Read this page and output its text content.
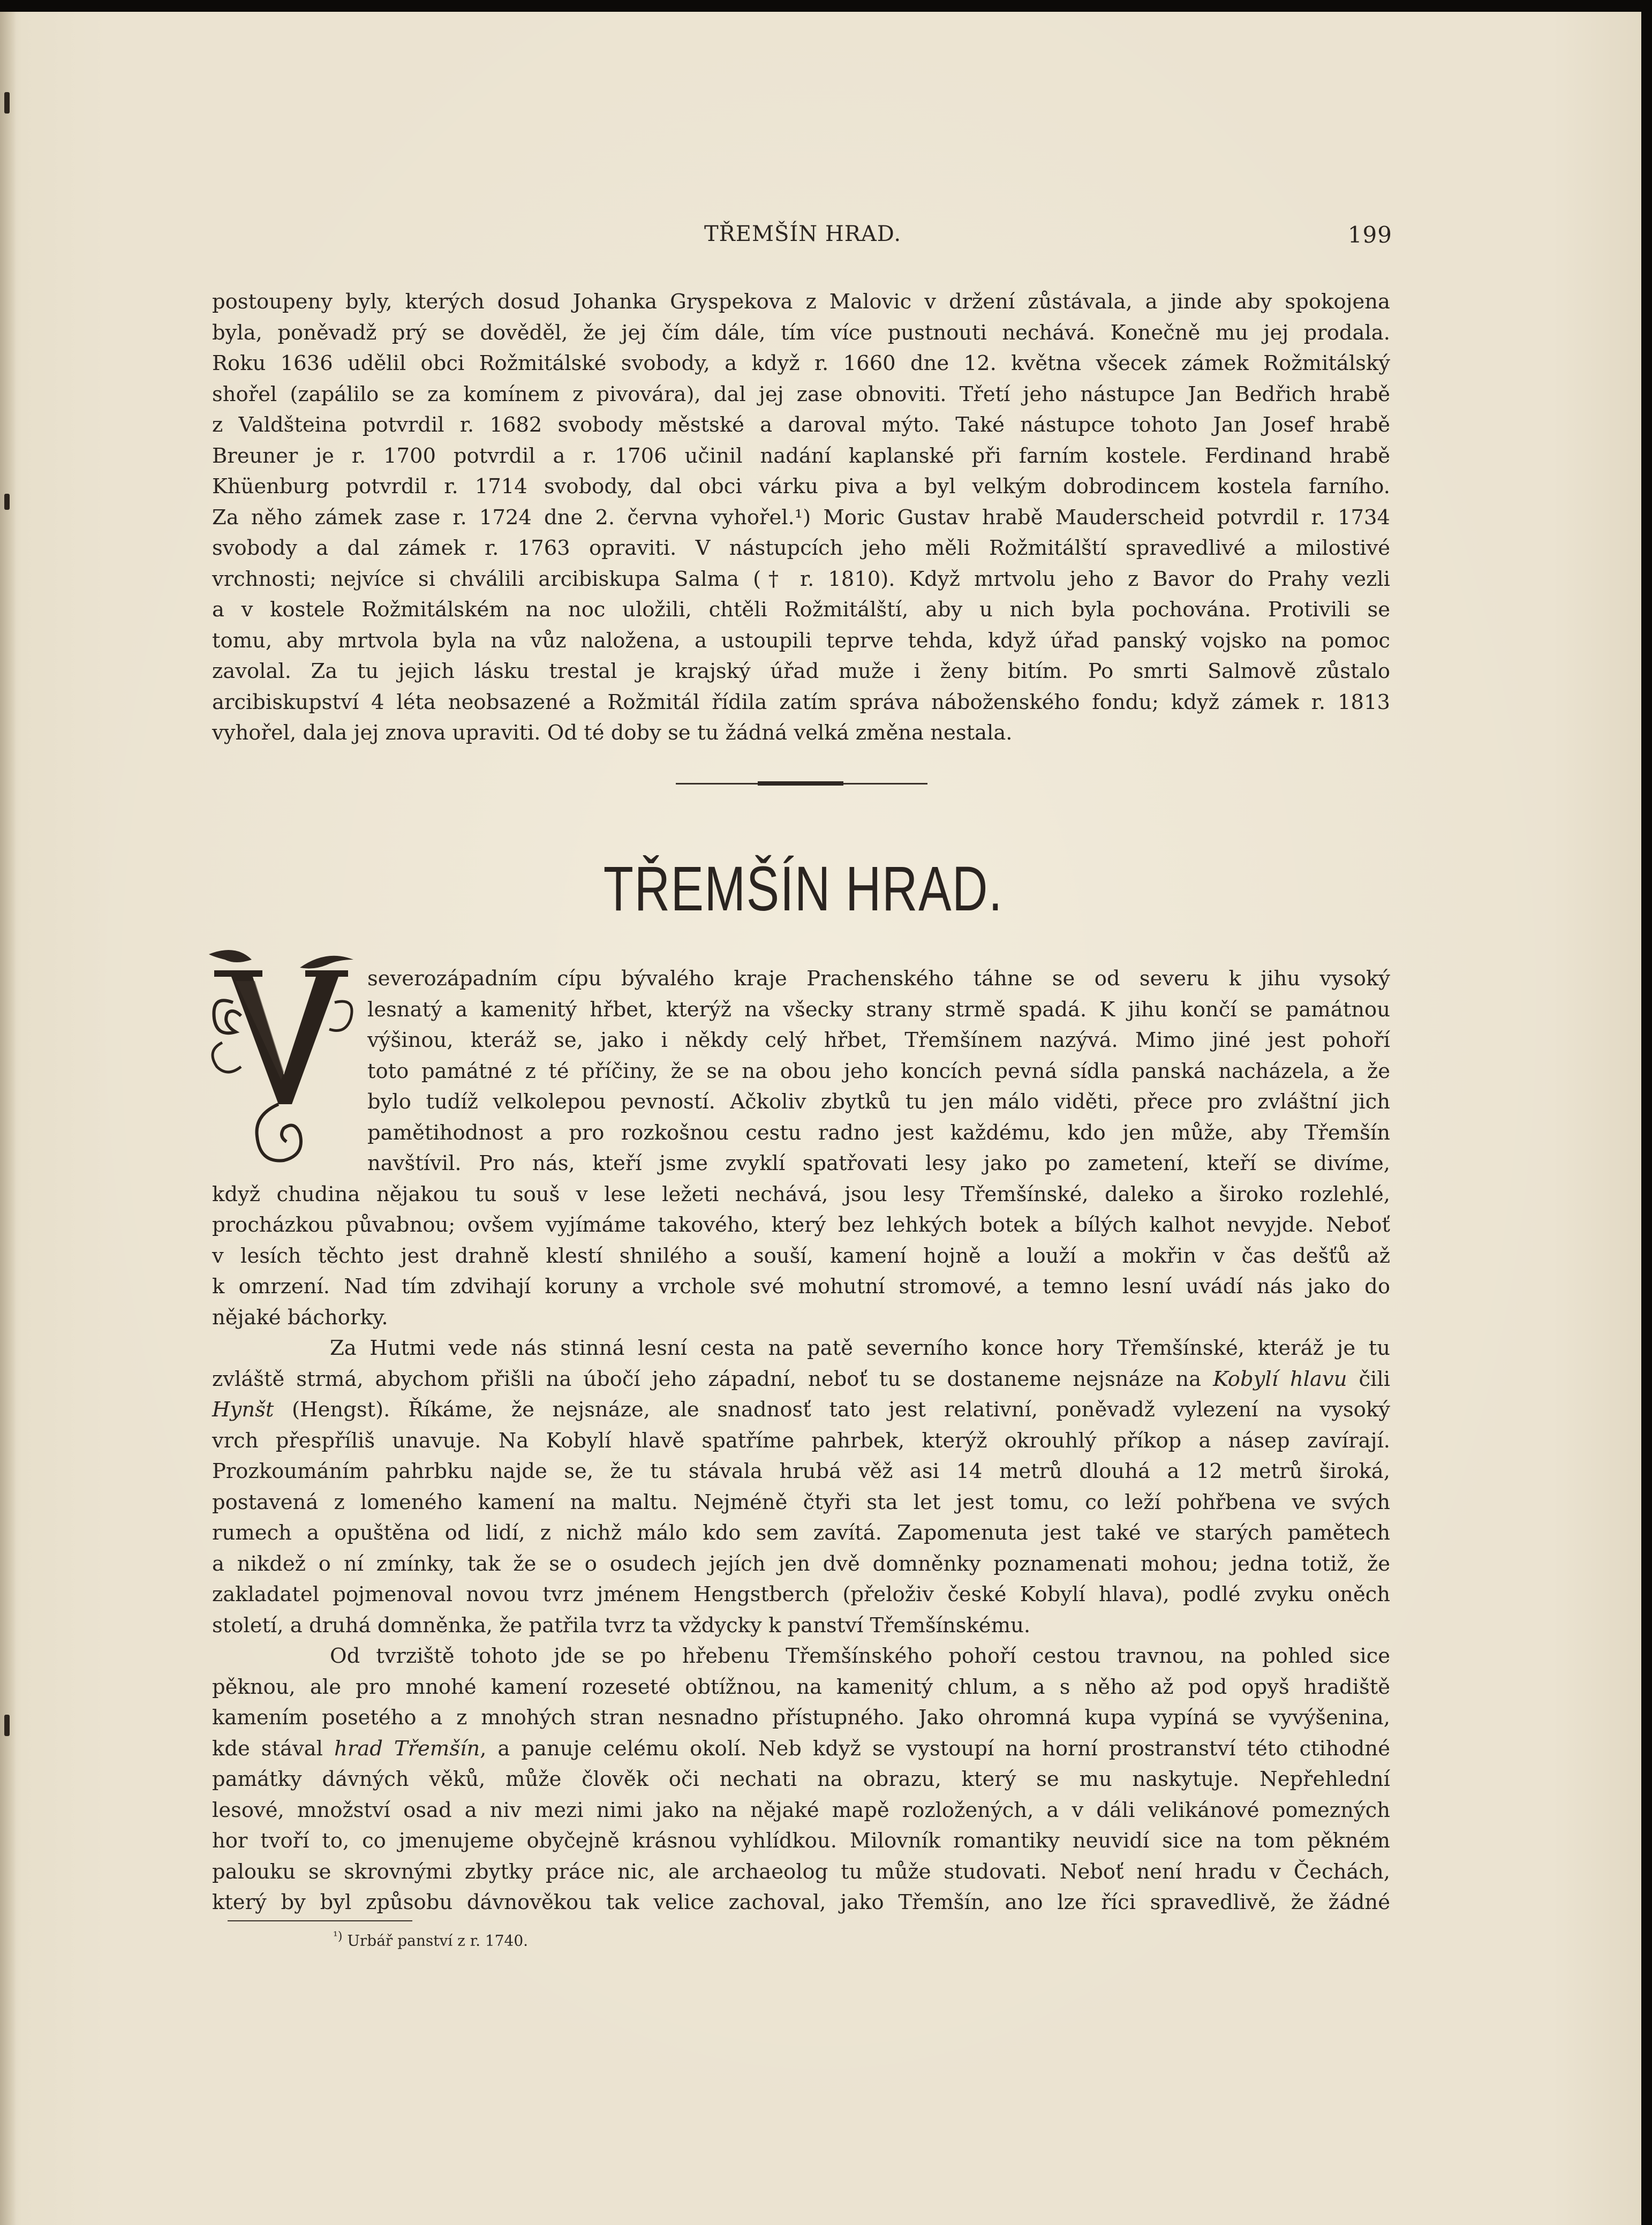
TŘEMŠÍN HRAD.	199
postoupeny byly, kterých dosud Johanka Gryspekova z Malovic v držení zůstávala, a jinde aby spokojena
byla, poněvadž prý se dověděl, že jej čím dále, tím více pustnouti nechává. Konečně mu jej prodala.
Roku 1636 udělil obci Rožmitálské svobody, a když r. 1660 dne 12. května všecek zámek Rožmitálský
shořel (zapálilo se za komínem z pivovára), dal jej zase obnoviti. Třetí jeho nástupce Jan Bedřich hrabě
z Valdšteina potvrdil r. 1682 svobody městské a daroval mýto. Také nástupce tohoto Jan Josef hrabě
Breuner je r. 1700 potvrdil a r. 1706 učinil nadání kaplanské při farním kostele. Ferdinand hrabě
Khüenburg potvrdil r. 1714 svobody, dal obci várku piva a byl velkým dobrodincem kostela farního.
Za něho zámek zase r. 1724 dne 2. června vyhořel.¹) Moric Gustav hrabě Mauderscheid potvrdil r. 1734
svobody a dal zámek r. 1763 opraviti. V nástupcích jeho měli Rožmitálští spravedlivé a milostivé
vrchnosti; nejvíce si chválili arcibiskupa Salma († r. 1810). Když mrtvolu jeho z Bavor do Prahy vezli
a v kostele Rožmitálském na noc uložili, chtěli Rožmitálští, aby u nich byla pochována. Protivili se
tomu, aby mrtvola byla na vůz naložena, a ustoupili teprve tehda, když úřad panský vojsko na pomoc
zavolal. Za tu jejich lásku trestal je krajský úřad muže i ženy bitím. Po smrti Salmově zůstalo
arcibiskupství 4 léta neobsazené a Rožmitál řídila zatím správa náboženského fondu; když zámek r. 1813
vyhořel, dala jej znova upraviti. Od té doby se tu žádná velká změna nestala.
TŘEMŠÍN HRAD.
V
severozápadním cípu bývalého kraje Prachenského táhne se od severu k jihu vysoký
lesnatý a kamenitý hřbet, kterýž na všecky strany strmě spadá. K jihu končí se památnou
výšinou, kteráž se, jako i někdy celý hřbet, Třemšínem nazývá. Mimo jiné jest pohoří
toto památné z té příčiny, že se na obou jeho koncích pevná sídla panská nacházela, a že
bylo tudíž velkolepou pevností. Ačkoliv zbytků tu jen málo viděti, přece pro zvláštní jich
pamětihodnost a pro rozkošnou cestu radno jest každému, kdo jen může, aby Třemšín
navštívil. Pro nás, kteří jsme zvyklí spatřovati lesy jako po zametení, kteří se divíme,
když chudina nějakou tu souš v lese ležeti nechává, jsou lesy Třemšínské, daleko a široko rozlehlé,
procházkou půvabnou; ovšem vyjímáme takového, který bez lehkých botek a bílých kalhot nevyjde. Neboť
v lesích těchto jest drahně klestí shnilého a souší, kamení hojně a louží a mokřin v čas dešťů až
k omrzení. Nad tím zdvihají koruny a vrchole své mohutní stromové, a temno lesní uvádí nás jako do
nějaké báchorky.
Za Hutmi vede nás stinná lesní cesta na patě severního konce hory Třemšínské, kteráž je tu
zvláště strmá, abychom přišli na úbočí jeho západní, neboť tu se dostaneme nejsnáze na Kobylí hlavu čili
Hynšt (Hengst). Říkáme, že nejsnáze, ale snadnosť tato jest relativní, poněvadž vylezení na vysoký
vrch přespříliš unavuje. Na Kobylí hlavě spatříme pahrbek, kterýž okrouhlý příkop a násep zavírají.
Prozkoumáním pahrbku najde se, že tu stávala hrubá věž asi 14 metrů dlouhá a 12 metrů široká,
postavená z lomeného kamení na maltu. Nejméně čtyři sta let jest tomu, co leží pohřbena ve svých
rumech a opuštěna od lidí, z nichž málo kdo sem zavítá. Zapomenuta jest také ve starých pamětech
a nikdež o ní zmínky, tak že se o osudech jejích jen dvě domněnky poznamenati mohou; jedna totiž, že
zakladatel pojmenoval novou tvrz jménem Hengstberch (přeloživ české Kobylí hlava), podlé zvyku oněch
století, a druhá domněnka, že patřila tvrz ta vždycky k panství Třemšínskému.
Od tvrziště tohoto jde se po hřebenu Třemšínského pohoří cestou travnou, na pohled sice
pěknou, ale pro mnohé kamení rozeseté obtížnou, na kamenitý chlum, a s něho až pod opyš hradiště
kamením posetého a z mnohých stran nesnadno přístupného. Jako ohromná kupa vypíná se vyvýšenina,
kde stával hrad Třemšín, a panuje celému okolí. Neb když se vystoupí na horní prostranství této ctihodné
památky dávných věků, může člověk oči nechati na obrazu, který se mu naskytuje. Nepřehlední
lesové, množství osad a niv mezi nimi jako na nějaké mapě rozložených, a v dáli velikánové pomezných
hor tvoří to, co jmenujeme obyčejně krásnou vyhlídkou. Milovník romantiky neuvidí sice na tom pěkném
palouku se skrovnými zbytky práce nic, ale archaeolog tu může studovati. Neboť není hradu v Čechách,
který by byl způsobu dávnověkou tak velice zachoval, jako Třemšín, ano lze říci spravedlivě, že žádné
$^{^1)}$ Urbář panství z r. 1740.
